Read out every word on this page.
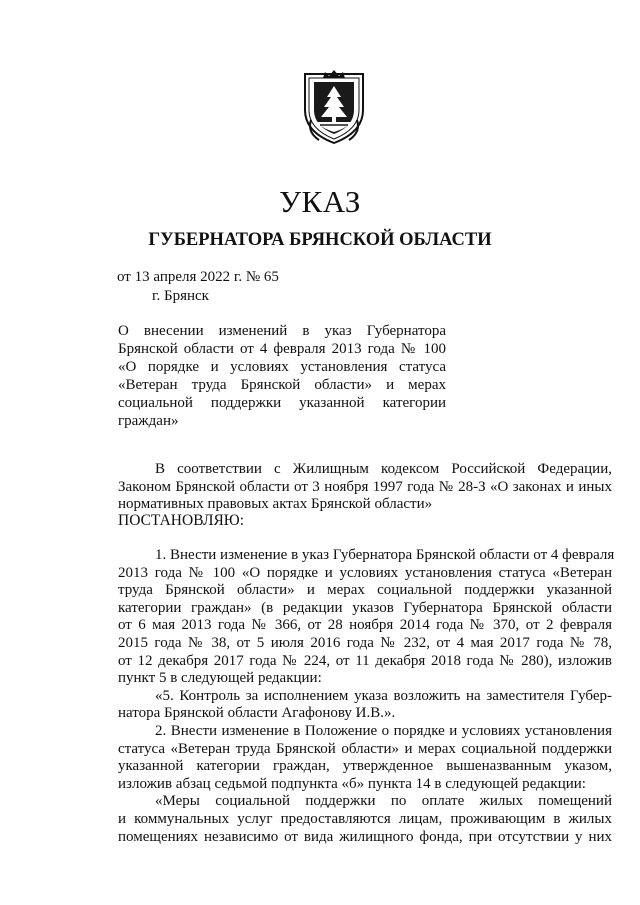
УКАЗ
ГУБЕРНАТОРА БРЯНСКОЙ ОБЛАСТИ
от 13 апреля 2022 г. № 65
г. Брянск
О внесении изменений в указ Губернатора
Брянской области от 4 февраля 2013 года № 100
«О порядке и условиях установления статуса
«Ветеран труда Брянской области» и мерах
социальной поддержки указанной категории
граждан»
В соответствии с Жилищным кодексом Российской Федерации,
Законом Брянской области от 3 ноября 1997 года № 28-З «О законах и иных
нормативных правовых актах Брянской области»
ПОСТАНОВЛЯЮ:
1. Внести изменение в указ Губернатора Брянской области от 4 февраля
2013 года № 100 «О порядке и условиях установления статуса «Ветеран
труда Брянской области» и мерах социальной поддержки указанной
категории граждан» (в редакции указов Губернатора Брянской области
от 6 мая 2013 года № 366, от 28 ноября 2014 года № 370, от 2 февраля
2015 года № 38, от 5 июля 2016 года № 232, от 4 мая 2017 года № 78,
от 12 декабря 2017 года № 224, от 11 декабря 2018 года № 280), изложив
пункт 5 в следующей редакции:
«5. Контроль за исполнением указа возложить на заместителя Губер-
натора Брянской области Агафонову И.В.».
2. Внести изменение в Положение о порядке и условиях установления
статуса «Ветеран труда Брянской области» и мерах социальной поддержки
указанной категории граждан, утвержденное вышеназванным указом,
изложив абзац седьмой подпункта «б» пункта 14 в следующей редакции:
«Меры социальной поддержки по оплате жилых помещений
и коммунальных услуг предоставляются лицам, проживающим в жилых
помещениях независимо от вида жилищного фонда, при отсутствии у них
